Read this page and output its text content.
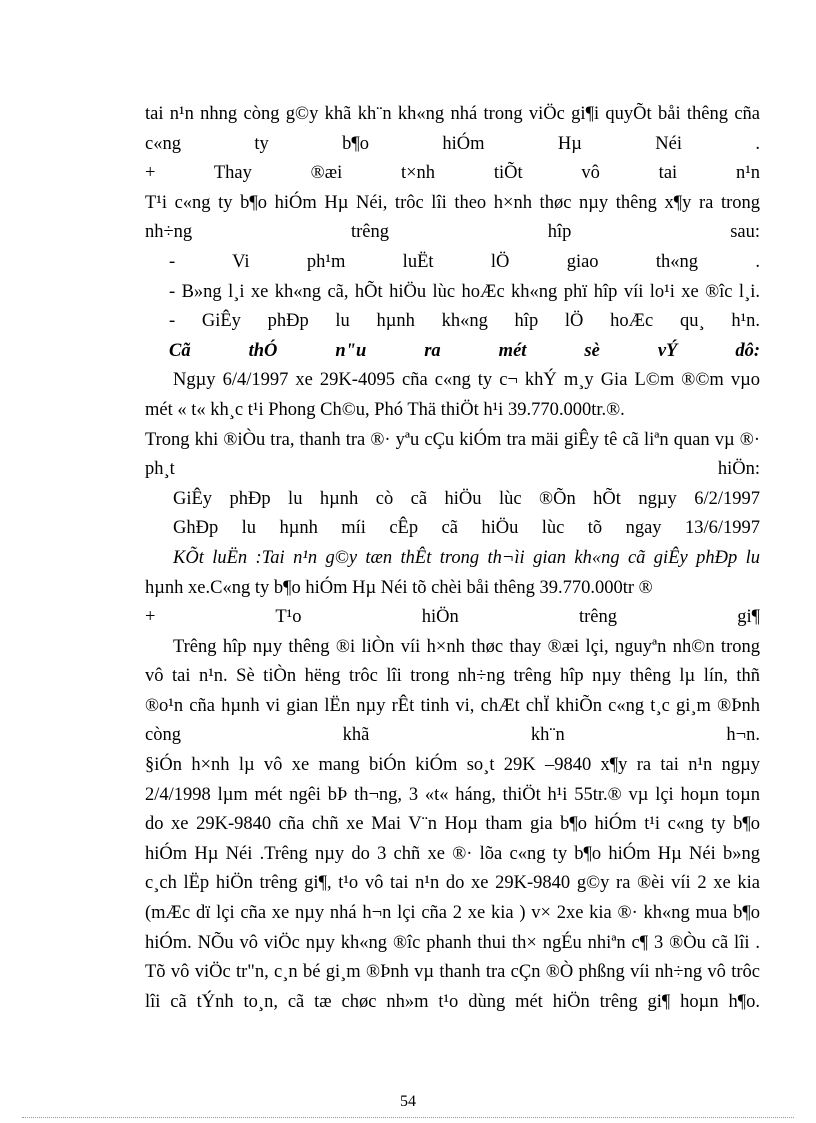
tai n¹n nhng còng g©y khã kh¨n kh«ng nhá trong viÖc gi¶i quyÕt båi thêng cña
c«ng ty b¶o hiÓm Hµ Néi .
+ Thay ®æi t×nh tiÕt vô tai n¹n
T¹i c«ng ty b¶o hiÓm Hµ Néi, trôc lîi theo h×nh thøc nµy thêng x¶y ra trong
nh÷ng trêng hîp sau:
- Vi ph¹m luËt lÖ giao th«ng .
- B»ng l¸i xe kh«ng cã, hÕt hiÖu lùc hoÆc kh«ng phï hîp víi lo¹i xe ®îc l¸i.
- GiÊy phÐp lu hµnh kh«ng hîp lÖ hoÆc qu¸ h¹n.
Cã thÓ n"u ra mét sè vÝ dô:
Ngµy 6/4/1997 xe 29K-4095 cña c«ng ty c¬ khÝ m¸y Gia L©m ®©m vµo
mét « t« kh¸c t¹i Phong Ch©u, Phó Thä thiÖt h¹i 39.770.000tr.®.
Trong khi ®iÒu tra, thanh tra ®· yªu cÇu kiÓm tra mäi giÊy tê cã liªn quan vµ ®·
ph¸t hiÖn:
GiÊy phÐp lu hµnh cò cã hiÖu lùc ®Õn hÕt ngµy 6/2/1997
GhÐp lu hµnh míi cÊp cã hiÖu lùc tõ ngay 13/6/1997
KÕt luËn :Tai n¹n g©y tæn thÊt trong th¬ìi gian kh«ng cã giÊy phÐp lu
hµnh xe.C«ng ty b¶o hiÓm Hµ Néi tõ chèi båi thêng 39.770.000tr ®
+ T¹o hiÖn trêng gi¶
Trêng hîp nµy thêng ®i liÒn víi h×nh thøc thay ®æi lçi, nguyªn nh©n trong
vô tai n¹n. Sè tiÒn hëng trôc lîi trong nh÷ng trêng hîp nµy thêng lµ lín, thñ
®o¹n cña hµnh vi gian lËn nµy rÊt tinh vi, chÆt chÏ khiÕn c«ng t¸c gi¸m ®Þnh
còng khã kh¨n h¬n.
§iÓn h×nh lµ vô xe mang biÓn kiÓm so¸t 29K –9840 x¶y ra tai n¹n ngµy
2/4/1998 lµm mét ngêi bÞ th¬ng, 3 «t« háng, thiÖt h¹i 55tr.® vµ lçi hoµn toµn
do xe 29K-9840 cña chñ xe Mai V¨n Hoµ tham gia b¶o hiÓm t¹i c«ng ty b¶o
hiÓm Hµ Néi .Trêng nµy do 3 chñ xe ®· lõa c«ng ty b¶o hiÓm Hµ Néi b»ng
c¸ch lËp hiÖn trêng gi¶, t¹o vô tai n¹n do xe 29K-9840 g©y ra ®èi víi 2 xe kia
(mÆc dï lçi cña xe nµy nhá h¬n lçi cña 2 xe kia ) v× 2xe kia ®· kh«ng mua b¶o
hiÓm. NÕu vô viÖc nµy kh«ng ®îc phanh thui th× ngÉu nhiªn c¶ 3 ®Òu cã lîi .
Tõ vô viÖc tr"n, c¸n bé gi¸m ®Þnh vµ thanh tra cÇn ®Ò phßng víi nh÷ng vô trôc
lîi cã tÝnh to¸n, cã tæ chøc nh»m t¹o dùng mét hiÖn trêng gi¶ hoµn h¶o.
54
